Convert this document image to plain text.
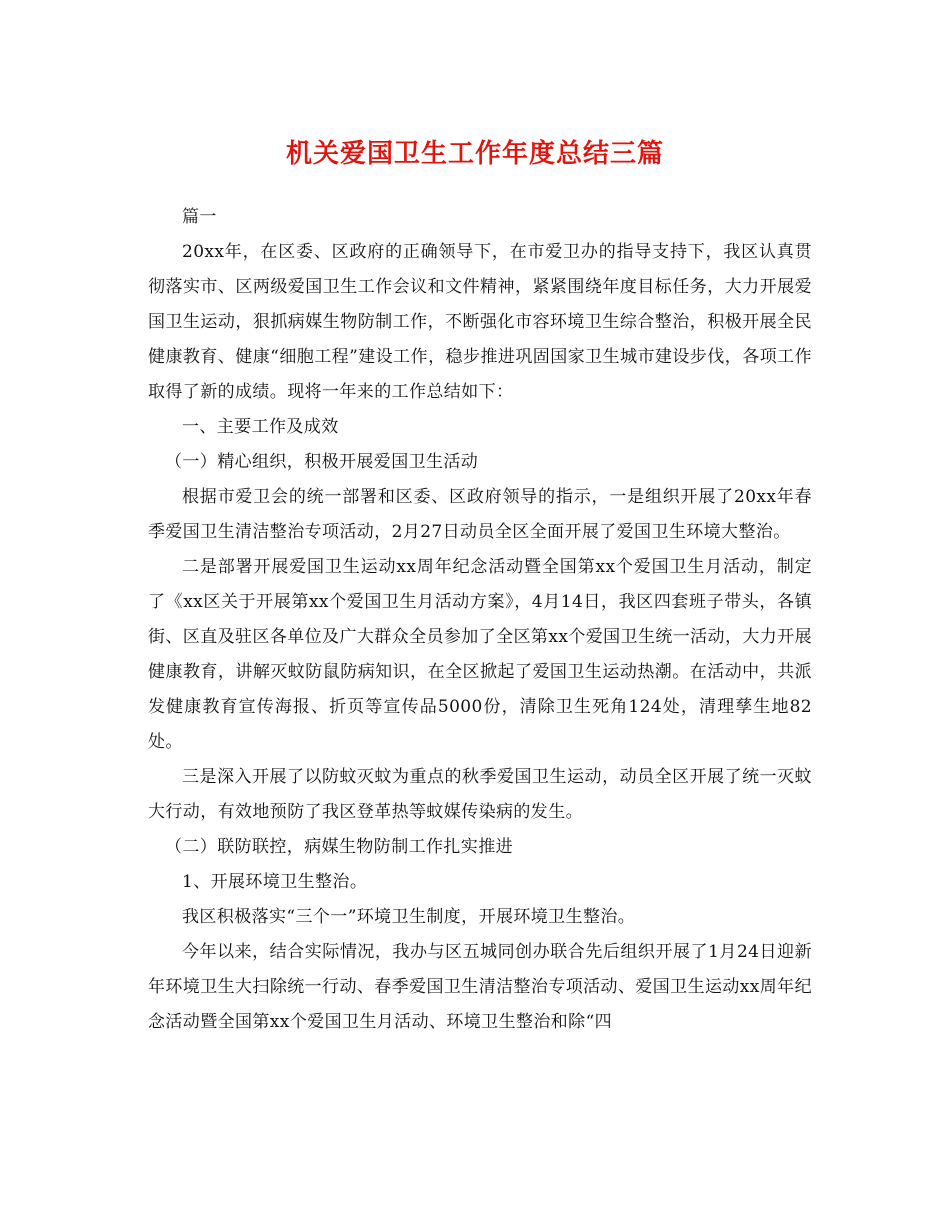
机关爱国卫生工作年度总结三篇

篇一

20xx年，在区委、区政府的正确领导下，在市爱卫办的指导支持下，我区认真贯彻落实市、区两级爱国卫生工作会议和文件精神，紧紧围绕年度目标任务，大力开展爱国卫生运动，狠抓病媒生物防制工作，不断强化市容环境卫生综合整治，积极开展全民健康教育、健康“细胞工程”建设工作，稳步推进巩固国家卫生城市建设步伐，各项工作取得了新的成绩。现将一年来的工作总结如下：

一、主要工作及成效

（一）精心组织，积极开展爱国卫生活动

根据市爱卫会的统一部署和区委、区政府领导的指示，一是组织开展了20xx年春季爱国卫生清洁整治专项活动，2月27日动员全区全面开展了爱国卫生环境大整治。

二是部署开展爱国卫生运动xx周年纪念活动暨全国第xx个爱国卫生月活动，制定了《xx区关于开展第xx个爱国卫生月活动方案》，4月14日，我区四套班子带头，各镇街、区直及驻区各单位及广大群众全员参加了全区第xx个爱国卫生统一活动，大力开展健康教育，讲解灭蚊防鼠防病知识，在全区掀起了爱国卫生运动热潮。在活动中，共派发健康教育宣传海报、折页等宣传品5000份，清除卫生死角124处，清理孳生地82处。

三是深入开展了以防蚊灭蚊为重点的秋季爱国卫生运动，动员全区开展了统一灭蚊大行动，有效地预防了我区登革热等蚊媒传染病的发生。

（二）联防联控，病媒生物防制工作扎实推进

1、开展环境卫生整治。

我区积极落实“三个一”环境卫生制度，开展环境卫生整治。

今年以来，结合实际情况，我办与区五城同创办联合先后组织开展了1月24日迎新年环境卫生大扫除统一行动、春季爱国卫生清洁整治专项活动、爱国卫生运动xx周年纪念活动暨全国第xx个爱国卫生月活动、环境卫生整治和除“四
